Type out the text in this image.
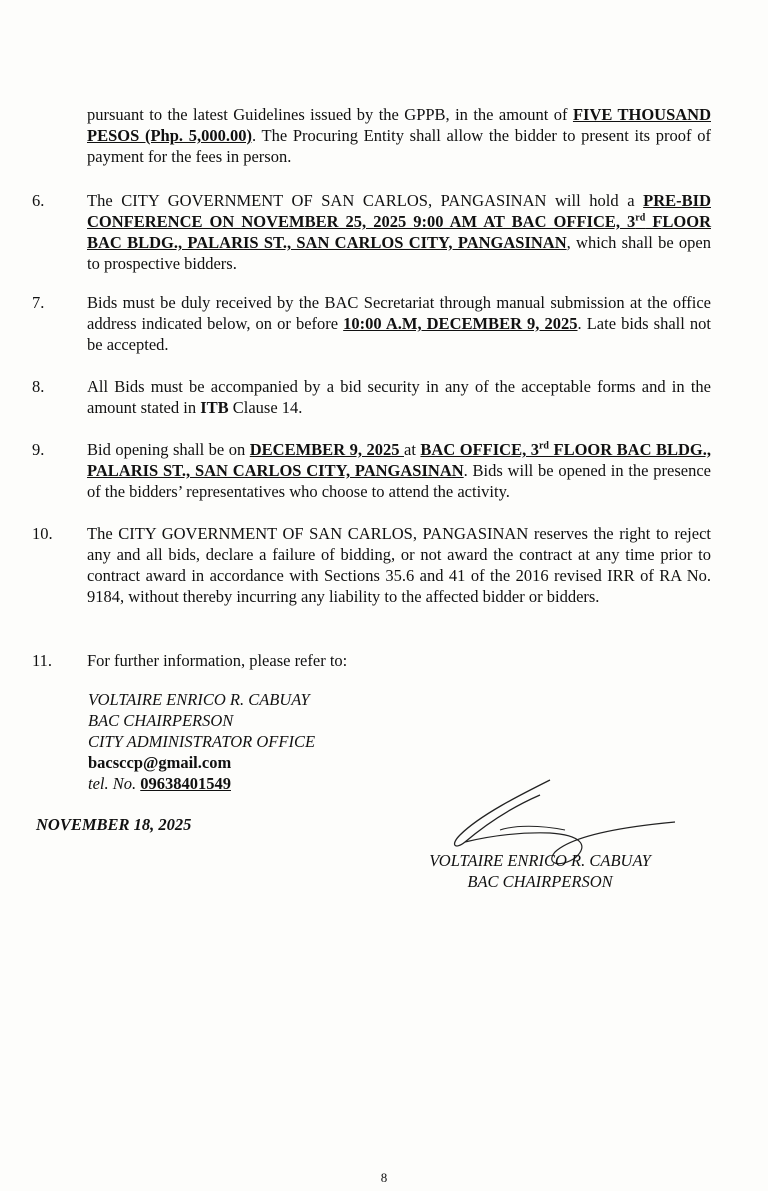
pursuant to the latest Guidelines issued by the GPPB, in the amount of FIVE THOUSAND PESOS (Php. 5,000.00). The Procuring Entity shall allow the bidder to present its proof of payment for the fees in person.
6.	The CITY GOVERNMENT OF SAN CARLOS, PANGASINAN will hold a PRE-BID CONFERENCE ON NOVEMBER 25, 2025 9:00 AM AT BAC OFFICE, 3rd FLOOR BAC BLDG., PALARIS ST., SAN CARLOS CITY, PANGASINAN, which shall be open to prospective bidders.
7.	Bids must be duly received by the BAC Secretariat through manual submission at the office address indicated below, on or before 10:00 A.M, DECEMBER 9, 2025. Late bids shall not be accepted.
8.	All Bids must be accompanied by a bid security in any of the acceptable forms and in the amount stated in ITB Clause 14.
9.	Bid opening shall be on DECEMBER 9, 2025 at BAC OFFICE, 3rd FLOOR BAC BLDG., PALARIS ST., SAN CARLOS CITY, PANGASINAN. Bids will be opened in the presence of the bidders’ representatives who choose to attend the activity.
10. The CITY GOVERNMENT OF SAN CARLOS, PANGASINAN reserves the right to reject any and all bids, declare a failure of bidding, or not award the contract at any time prior to contract award in accordance with Sections 35.6 and 41 of the 2016 revised IRR of RA No. 9184, without thereby incurring any liability to the affected bidder or bidders.
11. For further information, please refer to:
VOLTAIRE ENRICO R. CABUAY
BAC CHAIRPERSON
CITY ADMINISTRATOR OFFICE
bacsccp@gmail.com
tel. No. 09638401549
NOVEMBER 18, 2025
VOLTAIRE ENRICO R. CABUAY
BAC CHAIRPERSON
8
